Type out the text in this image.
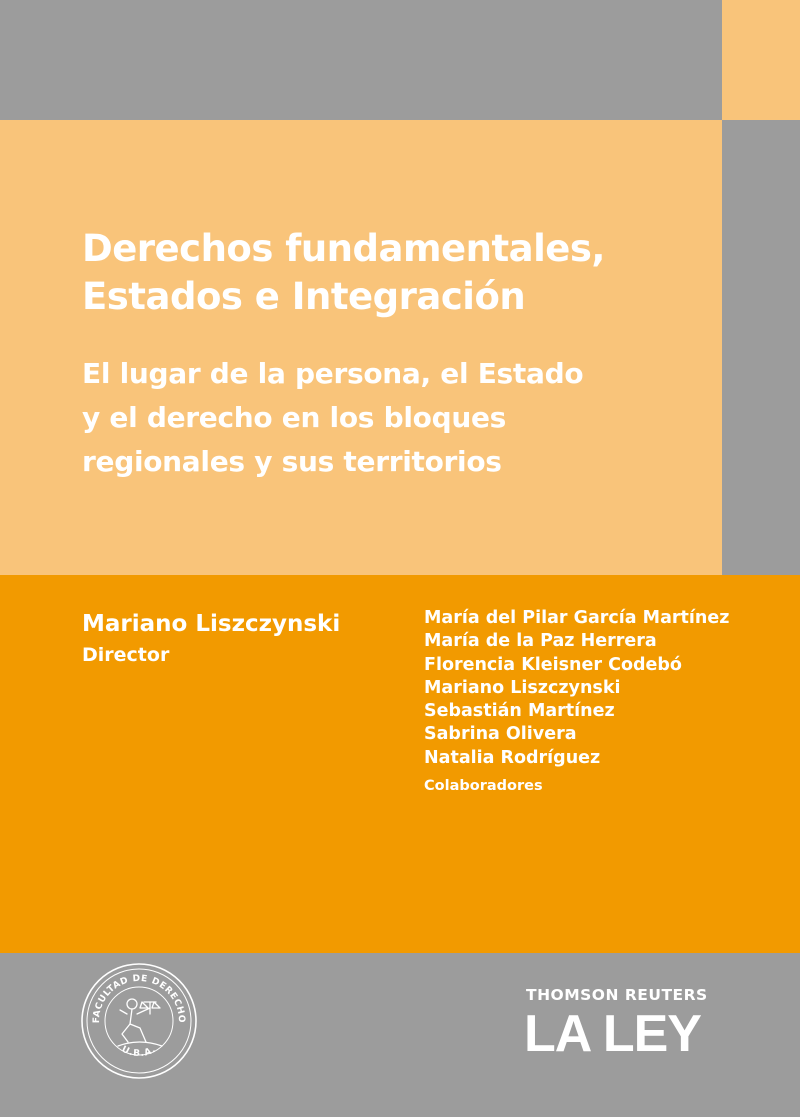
Derechos fundamentales,
Estados e Integración
El lugar de la persona, el Estado
y el derecho en los bloques
regionales y sus territorios
Mariano Liszczynski
Director
María del Pilar García Martínez
María de la Paz Herrera
Florencia Kleisner Codebó
Mariano Liszczynski
Sebastián Martínez
Sabrina Olivera
Natalia Rodríguez
Colaboradores
FACULTAD DE DERECHO
U.B.A.
THOMSON REUTERS
LA LEY
